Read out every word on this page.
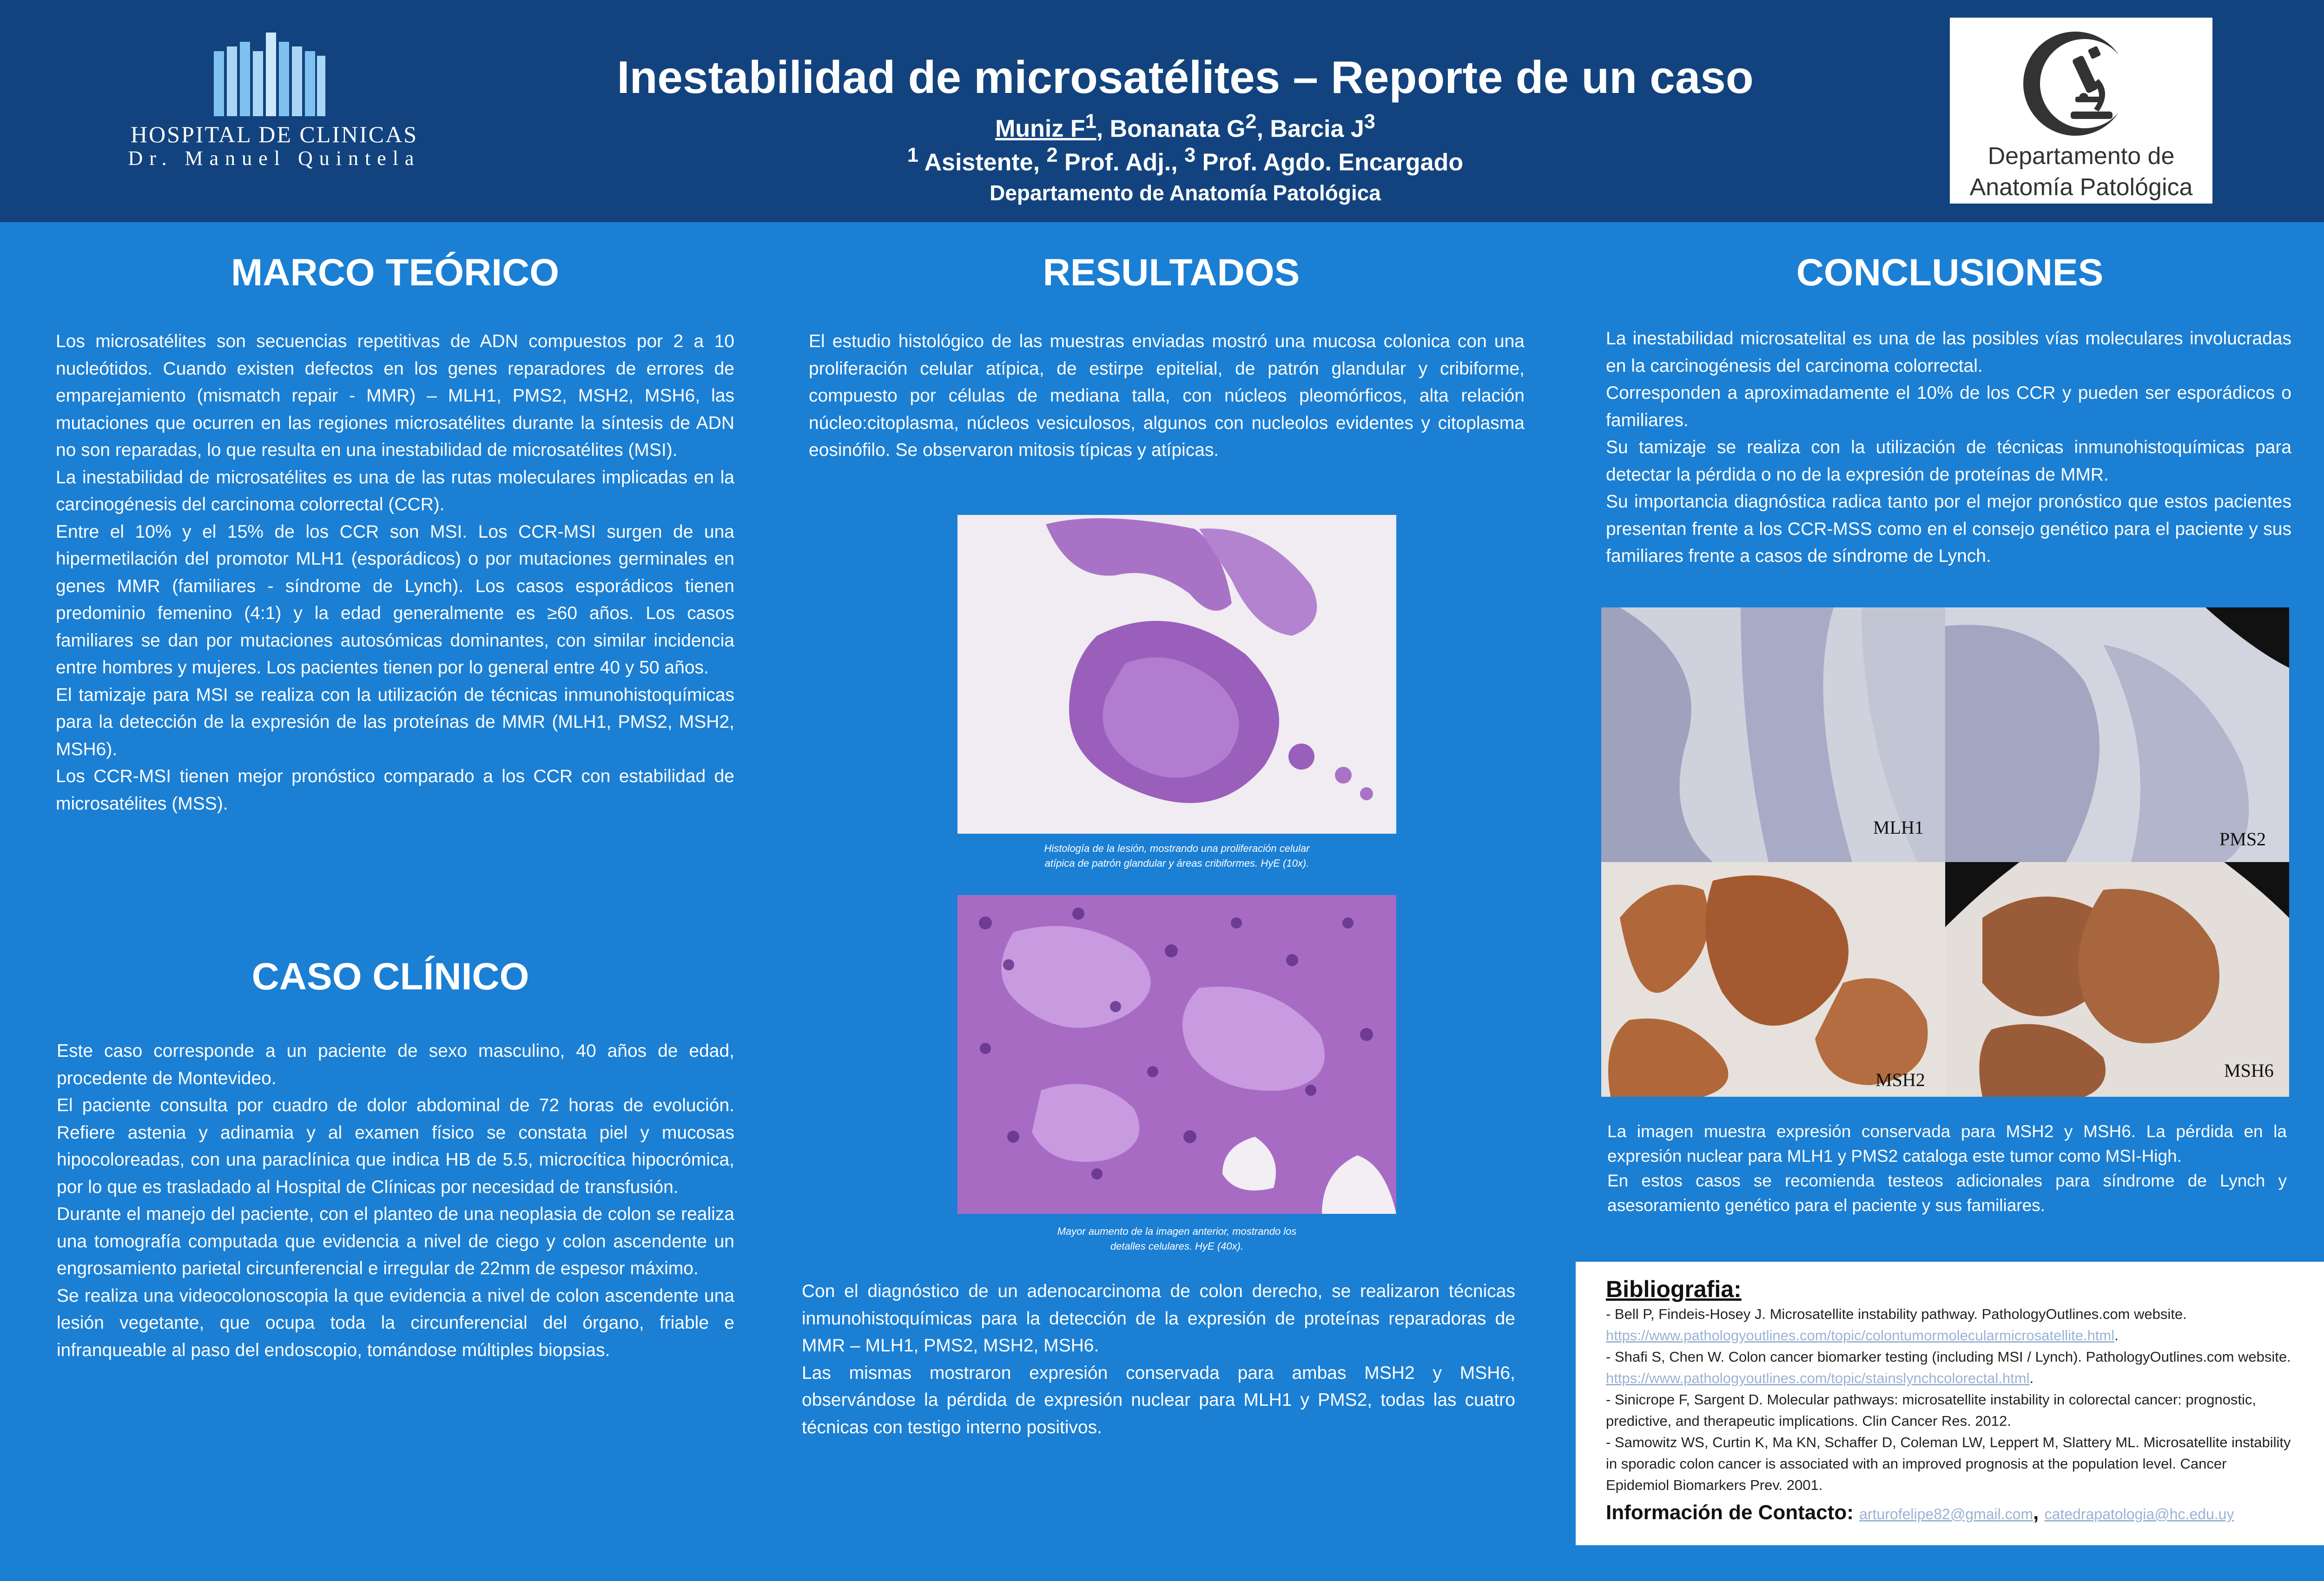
HOSPITAL DE CLINICAS
Dr. Manuel Quintela
Inestabilidad de microsatélites – Reporte de un caso
Muniz $F^1$, Bonanata $G^2$, Barcia $J^3$
$^1$ Asistente, $^2$ Prof. Adj., $^3$ Prof. Agdo. Encargado
Departamento de Anatomía Patológica
Departamento de
Anatomía Patológica
MARCO TEÓRICO

Los microsatélites son secuencias repetitivas de ADN compuestos por 2 a 10 nucleótidos. Cuando existen defectos en los genes reparadores de errores de emparejamiento (mismatch repair - MMR) – MLH1, PMS2, MSH2, MSH6, las mutaciones que ocurren en las regiones microsatélites durante la síntesis de ADN no son reparadas, lo que resulta en una inestabilidad de microsatélites (MSI).

La inestabilidad de microsatélites es una de las rutas moleculares implicadas en la carcinogénesis del carcinoma colorrectal (CCR).

Entre el 10% y el 15% de los CCR son MSI. Los CCR-MSI surgen de una hipermetilación del promotor MLH1 (esporádicos) o por mutaciones germinales en genes MMR (familiares - síndrome de Lynch). Los casos esporádicos tienen predominio femenino (4:1) y la edad generalmente es ≥60 años. Los casos familiares se dan por mutaciones autosómicas dominantes, con similar incidencia entre hombres y mujeres. Los pacientes tienen por lo general entre 40 y 50 años.

El tamizaje para MSI se realiza con la utilización de técnicas inmunohistoquímicas para la detección de la expresión de las proteínas de MMR (MLH1, PMS2, MSH2, MSH6).

Los CCR-MSI tienen mejor pronóstico comparado a los CCR con estabilidad de microsatélites (MSS).

CASO CLÍNICO

Este caso corresponde a un paciente de sexo masculino, 40 años de edad, procedente de Montevideo.

El paciente consulta por cuadro de dolor abdominal de 72 horas de evolución. Refiere astenia y adinamia y al examen físico se constata piel y mucosas hipocoloreadas, con una paraclínica que indica HB de 5.5, microcítica hipocrómica, por lo que es trasladado al Hospital de Clínicas por necesidad de transfusión.

Durante el manejo del paciente, con el planteo de una neoplasia de colon se realiza una tomografía computada que evidencia a nivel de ciego y colon ascendente un engrosamiento parietal circunferencial e irregular de 22mm de espesor máximo.

Se realiza una videocolonoscopia la que evidencia a nivel de colon ascendente una lesión vegetante, que ocupa toda la circunferencial del órgano, friable e infranqueable al paso del endoscopio, tomándose múltiples biopsias.

RESULTADOS

El estudio histológico de las muestras enviadas mostró una mucosa colonica con una proliferación celular atípica, de estirpe epitelial, de patrón glandular y cribiforme, compuesto por células de mediana talla, con núcleos pleomórficos, alta relación núcleo:citoplasma, núcleos vesiculosos, algunos con nucleolos evidentes y citoplasma eosinófilo. Se observaron mitosis típicas y atípicas.

Histología de la lesión, mostrando una proliferación celular
atípica de patrón glandular y áreas cribiformes. HyE (10x).
Mayor aumento de la imagen anterior, mostrando los
detalles celulares. HyE (40x).

Con el diagnóstico de un adenocarcinoma de colon derecho, se realizaron técnicas inmunohistoquímicas para la detección de la expresión de proteínas reparadoras de MMR – MLH1, PMS2, MSH2, MSH6.

Las mismas mostraron expresión conservada para ambas MSH2 y MSH6, observándose la pérdida de expresión nuclear para MLH1 y PMS2, todas las cuatro técnicas con testigo interno positivos.

CONCLUSIONES

La inestabilidad microsatelital es una de las posibles vías moleculares involucradas en la carcinogénesis del carcinoma colorrectal.

Corresponden a aproximadamente el 10% de los CCR y pueden ser esporádicos o familiares.

Su tamizaje se realiza con la utilización de técnicas inmunohistoquímicas para detectar la pérdida o no de la expresión de proteínas de MMR.

Su importancia diagnóstica radica tanto por el mejor pronóstico que estos pacientes presentan frente a los CCR-MSS como en el consejo genético para el paciente y sus familiares frente a casos de síndrome de Lynch.

MLH1
PMS2
MSH2	MSH6

La imagen muestra expresión conservada para MSH2 y MSH6. La pérdida en la expresión nuclear para MLH1 y PMS2 cataloga este tumor como MSI-High.

En estos casos se recomienda testeos adicionales para síndrome de Lynch y asesoramiento genético para el paciente y sus familiares.

Bibliografia:

- Bell P, Findeis-Hosey J. Microsatellite instability pathway. PathologyOutlines.com website. https://www.pathologyoutlines.com/topic/colontumormolecularmicrosatellite.html.

- Shafi S, Chen W. Colon cancer biomarker testing (including MSI / Lynch). PathologyOutlines.com website. https://www.pathologyoutlines.com/topic/stainslynchcolorectal.html.

- Sinicrope F, Sargent D. Molecular pathways: microsatellite instability in colorectal cancer: prognostic, predictive, and therapeutic implications. Clin Cancer Res. 2012.

- Samowitz WS, Curtin K, Ma KN, Schaffer D, Coleman LW, Leppert M, Slattery ML. Microsatellite instability in sporadic colon cancer is associated with an improved prognosis at the population level. Cancer Epidemiol Biomarkers Prev. 2001.

Información de Contacto: arturofelipe82@gmail.com, catedrapatologia@hc.edu.uy
